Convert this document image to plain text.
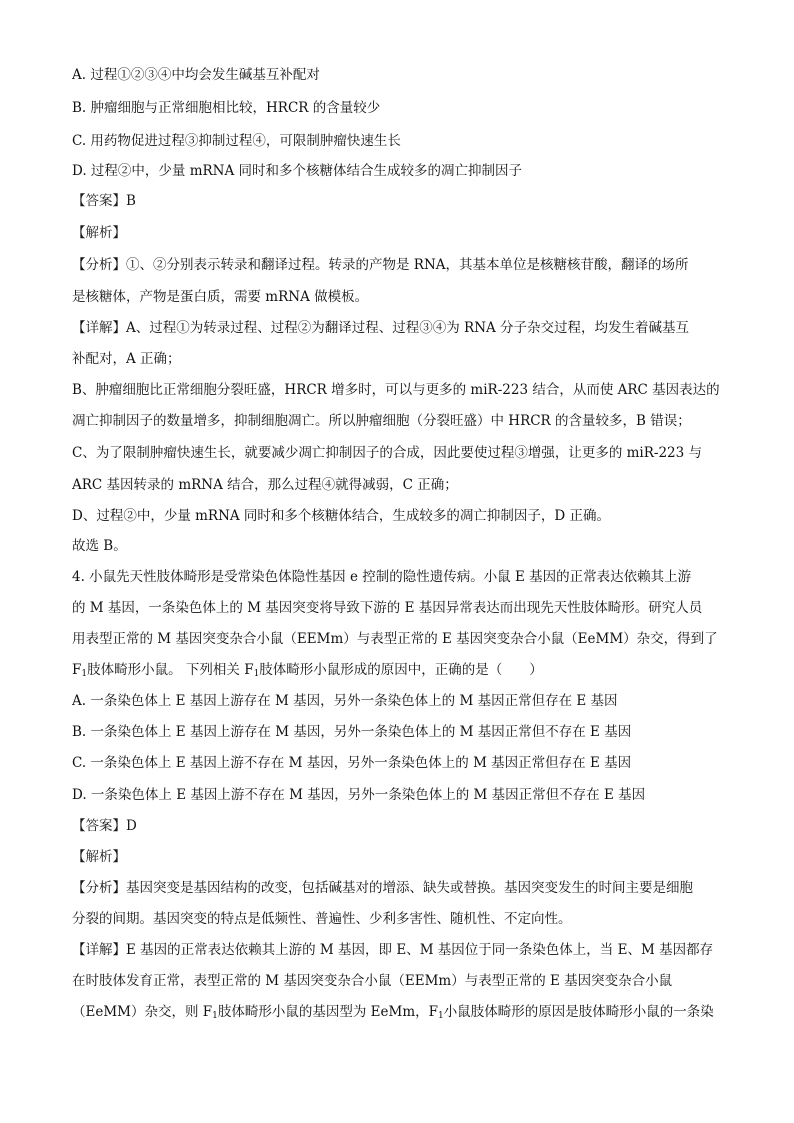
A. 过程①②③④中均会发生碱基互补配对
B. 肿瘤细胞与正常细胞相比较，HRCR 的含量较少
C. 用药物促进过程③抑制过程④，可限制肿瘤快速生长
D. 过程②中，少量 mRNA 同时和多个核糖体结合生成较多的凋亡抑制因子
【答案】B
【解析】
【分析】①、②分别表示转录和翻译过程。转录的产物是 RNA，其基本单位是核糖核苷酸，翻译的场所
是核糖体，产物是蛋白质，需要 mRNA 做模板。
【详解】A、过程①为转录过程、过程②为翻译过程、过程③④为 RNA 分子杂交过程，均发生着碱基互
补配对，A 正确；
B、肿瘤细胞比正常细胞分裂旺盛，HRCR 增多时，可以与更多的 miR-223 结合，从而使 ARC 基因表达的
凋亡抑制因子的数量增多，抑制细胞凋亡。所以肿瘤细胞（分裂旺盛）中 HRCR 的含量较多，B 错误；
C、为了限制肿瘤快速生长，就要减少凋亡抑制因子的合成，因此要使过程③增强，让更多的 miR-223 与
ARC 基因转录的 mRNA 结合，那么过程④就得减弱，C 正确；
D、过程②中，少量 mRNA 同时和多个核糖体结合，生成较多的凋亡抑制因子，D 正确。
故选 B。
4. 小鼠先天性肢体畸形是受常染色体隐性基因 e 控制的隐性遗传病。小鼠 E 基因的正常表达依赖其上游
的 M 基因，一条染色体上的 M 基因突变将导致下游的 E 基因异常表达而出现先天性肢体畸形。研究人员
用表型正常的 M 基因突变杂合小鼠（EEMm）与表型正常的 E 基因突变杂合小鼠（EeMM）杂交，得到了
$F_1$肢体畸形小鼠。 下列相关 $F_1$肢体畸形小鼠形成的原因中，正确的是（　　）
A. 一条染色体上 E 基因上游存在 M 基因，另外一条染色体上的 M 基因正常但存在 E 基因
B. 一条染色体上 E 基因上游存在 M 基因，另外一条染色体上的 M 基因正常但不存在 E 基因
C. 一条染色体上 E 基因上游不存在 M 基因，另外一条染色体上的 M 基因正常但存在 E 基因
D. 一条染色体上 E 基因上游不存在 M 基因，另外一条染色体上的 M 基因正常但不存在 E 基因
【答案】D
【解析】
【分析】基因突变是基因结构的改变，包括碱基对的增添、缺失或替换。基因突变发生的时间主要是细胞
分裂的间期。基因突变的特点是低频性、普遍性、少利多害性、随机性、不定向性。
【详解】E 基因的正常表达依赖其上游的 M 基因，即 E、M 基因位于同一条染色体上，当 E、M 基因都存
在时肢体发育正常，表型正常的 M 基因突变杂合小鼠（EEMm）与表型正常的 E 基因突变杂合小鼠
（EeMM）杂交，则 $F_1$肢体畸形小鼠的基因型为 EeMm，$F_1$小鼠肢体畸形的原因是肢体畸形小鼠的一条染
